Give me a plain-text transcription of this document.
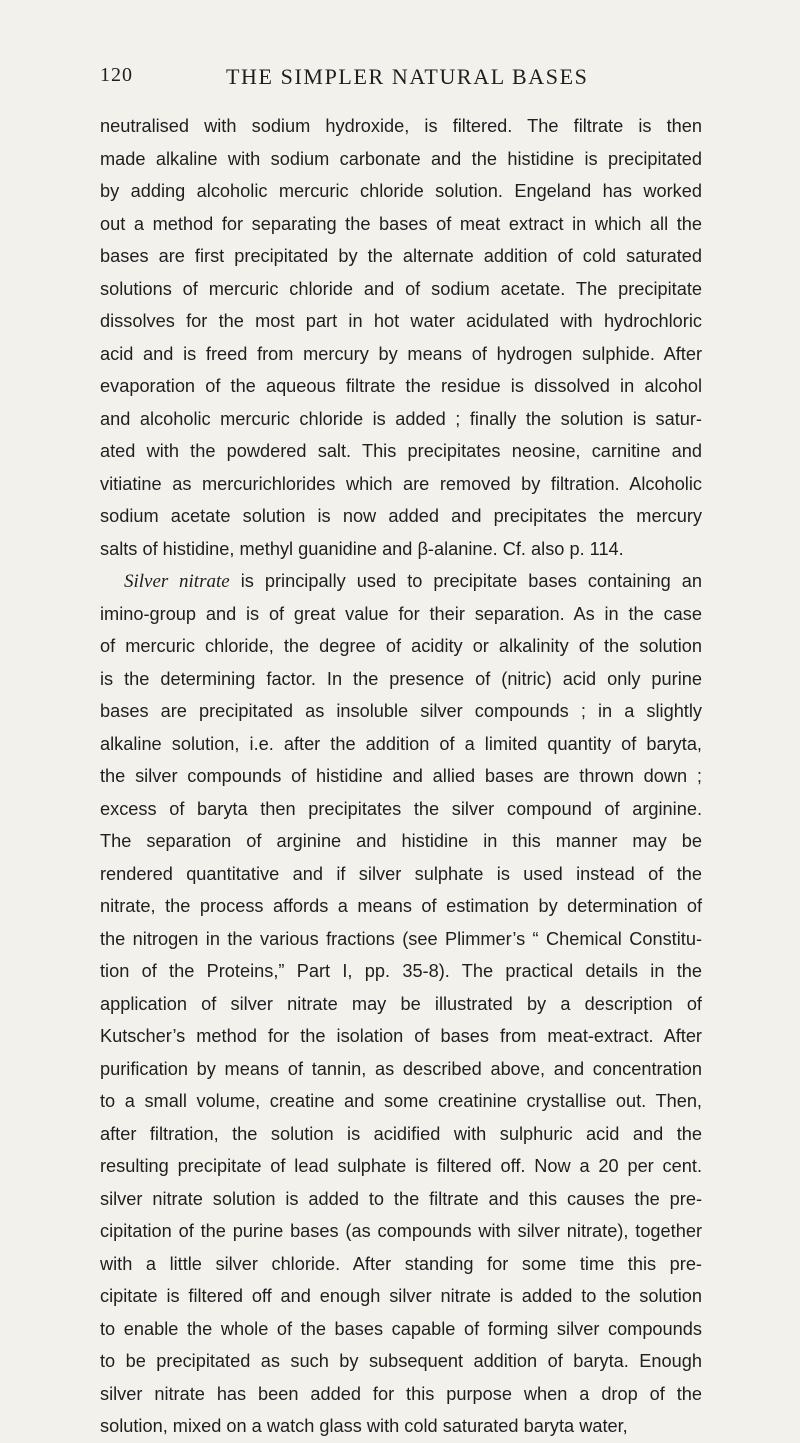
120	THE SIMPLER NATURAL BASES
neutralised with sodium hydroxide, is filtered. The filtrate is then
made alkaline with sodium carbonate and the histidine is precipitated
by adding alcoholic mercuric chloride solution. Engeland has worked
out a method for separating the bases of meat extract in which all the
bases are first precipitated by the alternate addition of cold saturated
solutions of mercuric chloride and of sodium acetate. The precipitate
dissolves for the most part in hot water acidulated with hydrochloric
acid and is freed from mercury by means of hydrogen sulphide. After
evaporation of the aqueous filtrate the residue is dissolved in alcohol
and alcoholic mercuric chloride is added ; finally the solution is satur-
ated with the powdered salt. This precipitates neosine, carnitine and
vitiatine as mercurichlorides which are removed by filtration. Alcoholic
sodium acetate solution is now added and precipitates the mercury
salts of histidine, methyl guanidine and β-alanine. Cf. also p. 114.
Silver nitrate is principally used to precipitate bases containing an
imino-group and is of great value for their separation. As in the case
of mercuric chloride, the degree of acidity or alkalinity of the solution
is the determining factor. In the presence of (nitric) acid only purine
bases are precipitated as insoluble silver compounds ; in a slightly
alkaline solution, i.e. after the addition of a limited quantity of baryta,
the silver compounds of histidine and allied bases are thrown down ;
excess of baryta then precipitates the silver compound of arginine.
The separation of arginine and histidine in this manner may be
rendered quantitative and if silver sulphate is used instead of the
nitrate, the process affords a means of estimation by determination of
the nitrogen in the various fractions (see Plimmer’s “ Chemical Constitu-
tion of the Proteins,” Part I, pp. 35-8). The practical details in the
application of silver nitrate may be illustrated by a description of
Kutscher’s method for the isolation of bases from meat-extract. After
purification by means of tannin, as described above, and concentration
to a small volume, creatine and some creatinine crystallise out. Then,
after filtration, the solution is acidified with sulphuric acid and the
resulting precipitate of lead sulphate is filtered off. Now a 20 per cent.
silver nitrate solution is added to the filtrate and this causes the pre-
cipitation of the purine bases (as compounds with silver nitrate), together
with a little silver chloride. After standing for some time this pre-
cipitate is filtered off and enough silver nitrate is added to the solution
to enable the whole of the bases capable of forming silver compounds
to be precipitated as such by subsequent addition of baryta. Enough
silver nitrate has been added for this purpose when a drop of the
solution, mixed on a watch glass with cold saturated baryta water,
